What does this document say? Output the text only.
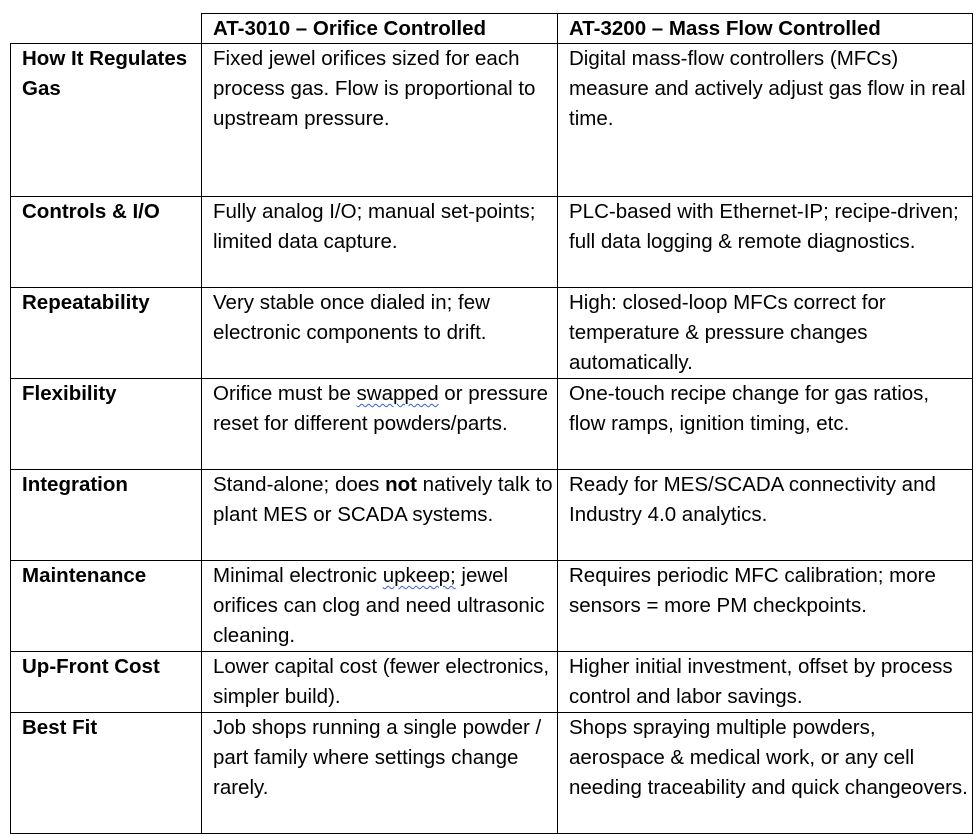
	AT-3010 – Orifice Controlled	AT-3200 – Mass Flow Controlled
How It Regulates Gas	Fixed jewel orifices sized for each process gas. Flow is proportional to upstream pressure.	Digital mass-flow controllers (MFCs) measure and actively adjust gas flow in real time.
Controls & I/O	Fully analog I/O; manual set-points; limited data capture.	PLC-based with Ethernet-IP; recipe-driven; full data logging & remote diagnostics.
Repeatability	Very stable once dialed in; few electronic components to drift.	High: closed-loop MFCs correct for temperature & pressure changes automatically.
Flexibility	Orifice must be swapped or pressure reset for different powders/parts.	One-touch recipe change for gas ratios, flow ramps, ignition timing, etc.
Integration	Stand-alone; does not natively talk to plant MES or SCADA systems.	Ready for MES/SCADA connectivity and Industry 4.0 analytics.
Maintenance	Minimal electronic upkeep; jewel orifices can clog and need ultrasonic cleaning.	Requires periodic MFC calibration; more sensors = more PM checkpoints.
Up-Front Cost	Lower capital cost (fewer electronics, simpler build).	Higher initial investment, offset by process control and labor savings.
Best Fit	Job shops running a single powder / part family where settings change rarely.	Shops spraying multiple powders, aerospace & medical work, or any cell needing traceability and quick changeovers.
